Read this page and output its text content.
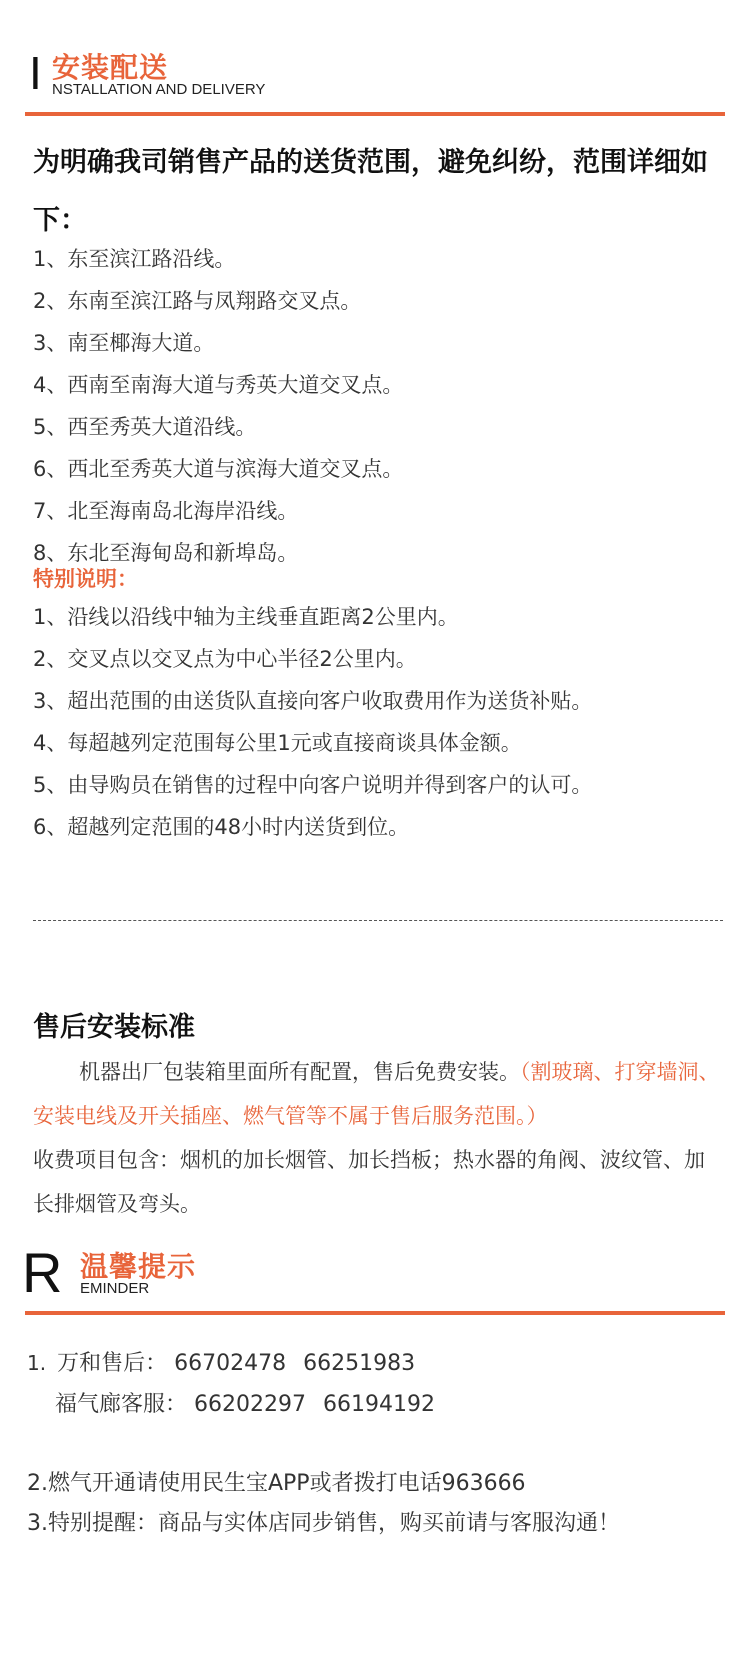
I 安装配送
NSTALLATION AND DELIVERY
为明确我司销售产品的送货范围，避免纠纷，范围详细如下：
1、东至滨江路沿线。
2、东南至滨江路与凤翔路交叉点。
3、南至椰海大道。
4、西南至南海大道与秀英大道交叉点。
5、西至秀英大道沿线。
6、西北至秀英大道与滨海大道交叉点。
7、北至海南岛北海岸沿线。
8、东北至海甸岛和新埠岛。
特别说明：
1、沿线以沿线中轴为主线垂直距离2公里内。
2、交叉点以交叉点为中心半径2公里内。
3、超出范围的由送货队直接向客户收取费用作为送货补贴。
4、每超越列定范围每公里1元或直接商谈具体金额。
5、由导购员在销售的过程中向客户说明并得到客户的认可。
6、超越列定范围的48小时内送货到位。
售后安装标准
机器出厂包装箱里面所有配置，售后免费安装。（割玻璃、打穿墙洞、安装电线及开关插座、燃气管等不属于售后服务范围。）
收费项目包含：烟机的加长烟管、加长挡板；热水器的角阀、波纹管、加长排烟管及弯头。
R 温馨提示
EMINDER
1. 万和售后： 66702478 66251983
福气廊客服： 66202297 66194192
2.燃气开通请使用民生宝APP或者拨打电话963666
3.特别提醒：商品与实体店同步销售，购买前请与客服沟通！
